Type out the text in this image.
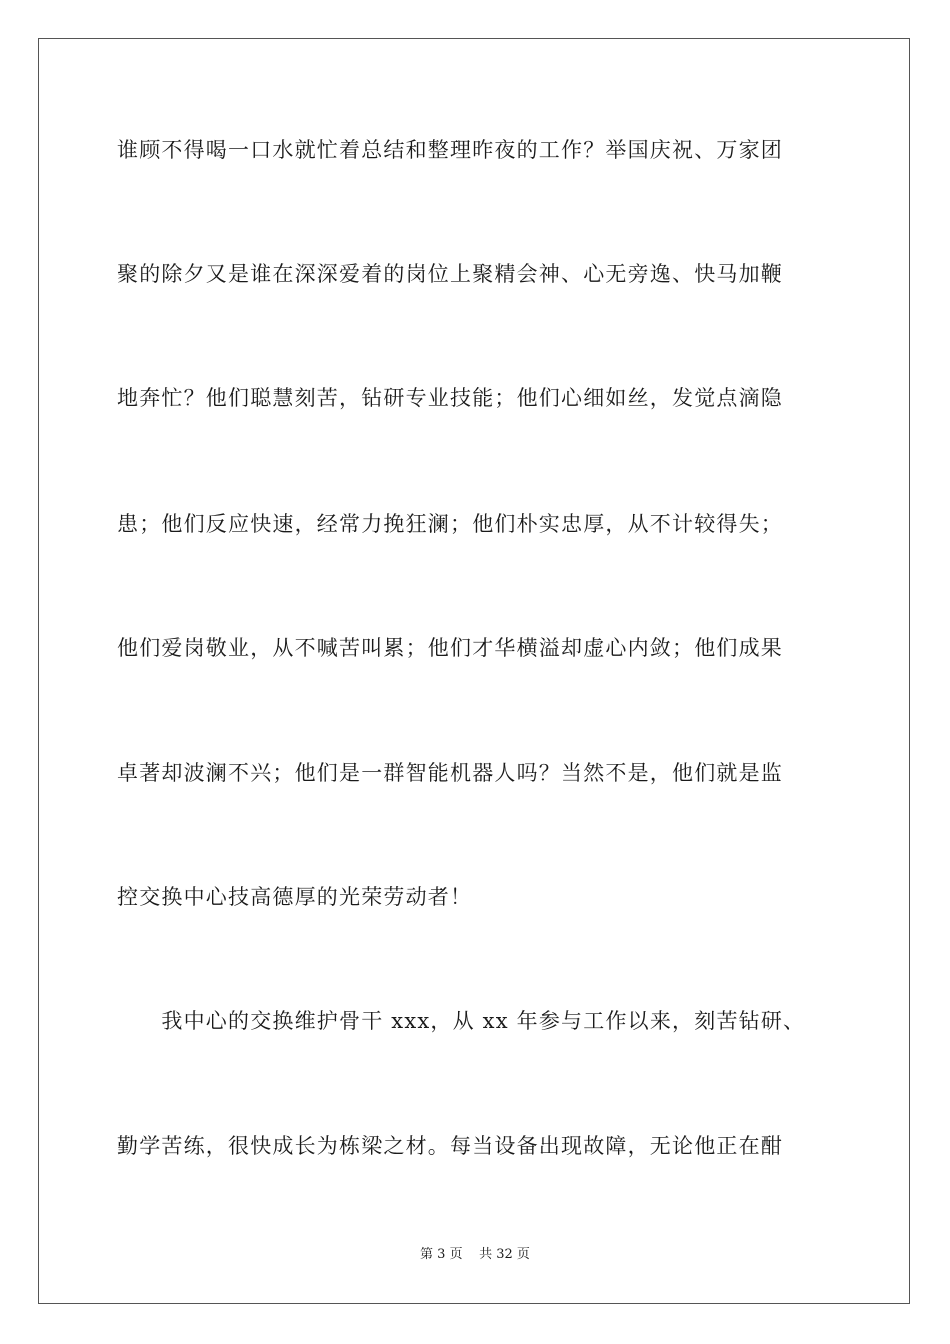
谁顾不得喝一口水就忙着总结和整理昨夜的工作？举国庆祝、万家团
聚的除夕又是谁在深深爱着的岗位上聚精会神、心无旁逸、快马加鞭
地奔忙？他们聪慧刻苦，钻研专业技能；他们心细如丝，发觉点滴隐
患；他们反应快速，经常力挽狂澜；他们朴实忠厚，从不计较得失；
他们爱岗敬业，从不喊苦叫累；他们才华横溢却虚心内敛；他们成果
卓著却波澜不兴；他们是一群智能机器人吗？当然不是，他们就是监
控交换中心技高德厚的光荣劳动者！
　　我中心的交换维护骨干 xxx，从 xx 年参与工作以来，刻苦钻研、
勤学苦练，很快成长为栋梁之材。每当设备出现故障，无论他正在酣
第 3 页 共 32 页
